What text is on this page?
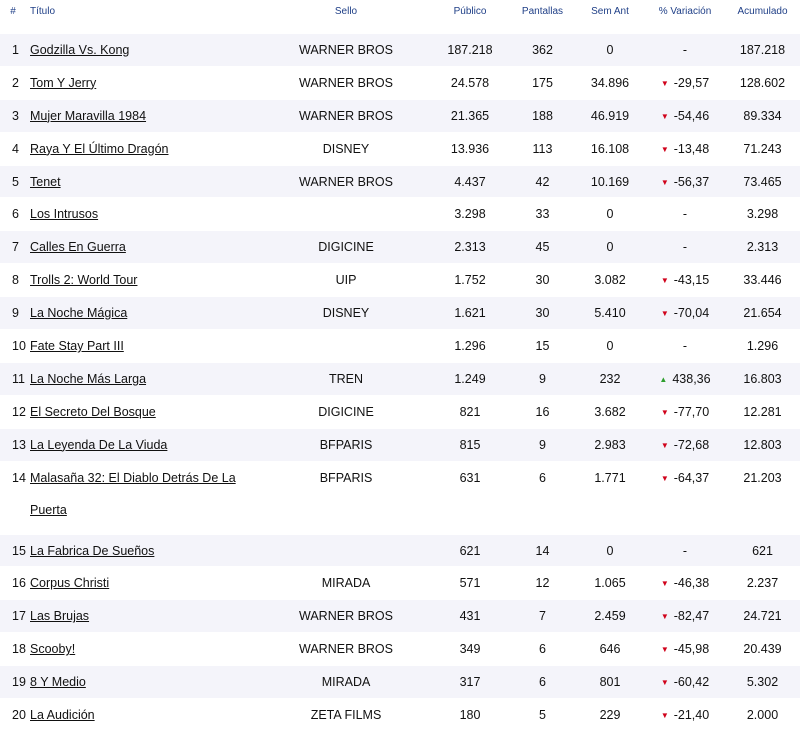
#	Título	Sello	Público	Pantallas	Sem Ant	% Variación	Acumulado
1	Godzilla Vs. Kong	WARNER BROS	187.218	362	0	-	187.218
2	Tom Y Jerry	WARNER BROS	24.578	175	34.896	▼ -29,57	128.602
3	Mujer Maravilla 1984	WARNER BROS	21.365	188	46.919	▼ -54,46	89.334
4	Raya Y El Último Dragón	DISNEY	13.936	113	16.108	▼ -13,48	71.243
5	Tenet	WARNER BROS	4.437	42	10.169	▼ -56,37	73.465
6	Los Intrusos		3.298	33	0	-	3.298
7	Calles En Guerra	DIGICINE	2.313	45	0	-	2.313
8	Trolls 2: World Tour	UIP	1.752	30	3.082	▼ -43,15	33.446
9	La Noche Mágica	DISNEY	1.621	30	5.410	▼ -70,04	21.654
10	Fate Stay Part III		1.296	15	0	-	1.296
11	La Noche Más Larga	TREN	1.249	9	232	▲ 438,36	16.803
12	El Secreto Del Bosque	DIGICINE	821	16	3.682	▼ -77,70	12.281
13	La Leyenda De La Viuda	BFPARIS	815	9	2.983	▼ -72,68	12.803
14	Malasaña 32: El Diablo Detrás De La Puerta	BFPARIS	631	6	1.771	▼ -64,37	21.203
15	La Fabrica De Sueños		621	14	0	-	621
16	Corpus Christi	MIRADA	571	12	1.065	▼ -46,38	2.237
17	Las Brujas	WARNER BROS	431	7	2.459	▼ -82,47	24.721
18	Scooby!	WARNER BROS	349	6	646	▼ -45,98	20.439
19	8 Y Medio	MIRADA	317	6	801	▼ -60,42	5.302
20	La Audición	ZETA FILMS	180	5	229	▼ -21,40	2.000
